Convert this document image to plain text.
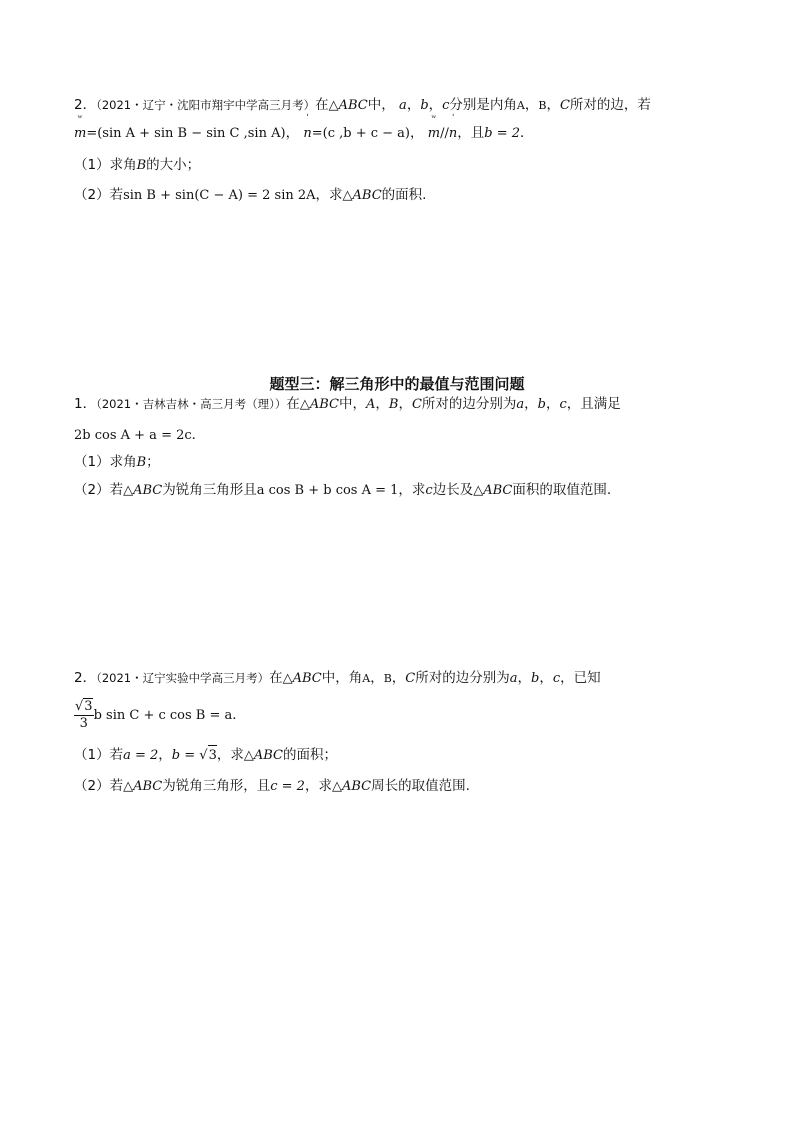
2．（2021・辽宁・沈阳市翔宇中学高三月考）在△ABC中， a，b，c分别是内角A，B，C所对的边，若
ʷ
m=(sin A + sin B − sin C ,sin A)，
ˈ
n=(c ,b + c − a)，
ʷ
m//
ˈ
n，且b = 2．
（1）求角B的大小；
（2）若sin B + sin(C − A) = 2 sin 2A，求△ABC的面积.
题型三：解三角形中的最值与范围问题
1．（2021・吉林吉林・高三月考（理））在△ABC中，A，B，C所对的边分别为a，b，c，且满足
2b cos A + a = 2c．
（1）求角B；
（2）若△ABC为锐角三角形且a cos B + b cos A = 1，求c边长及△ABC面积的取值范围.
2．（2021・辽宁实验中学高三月考）在△ABC中，角A，B，C所对的边分别为a，b，c，已知
$\frac{√3}{3}$ b sin C + c cos B = a．
（1）若a = 2，b = √3，求△ABC的面积；
（2）若△ABC为锐角三角形，且c = 2，求△ABC周长的取值范围.
